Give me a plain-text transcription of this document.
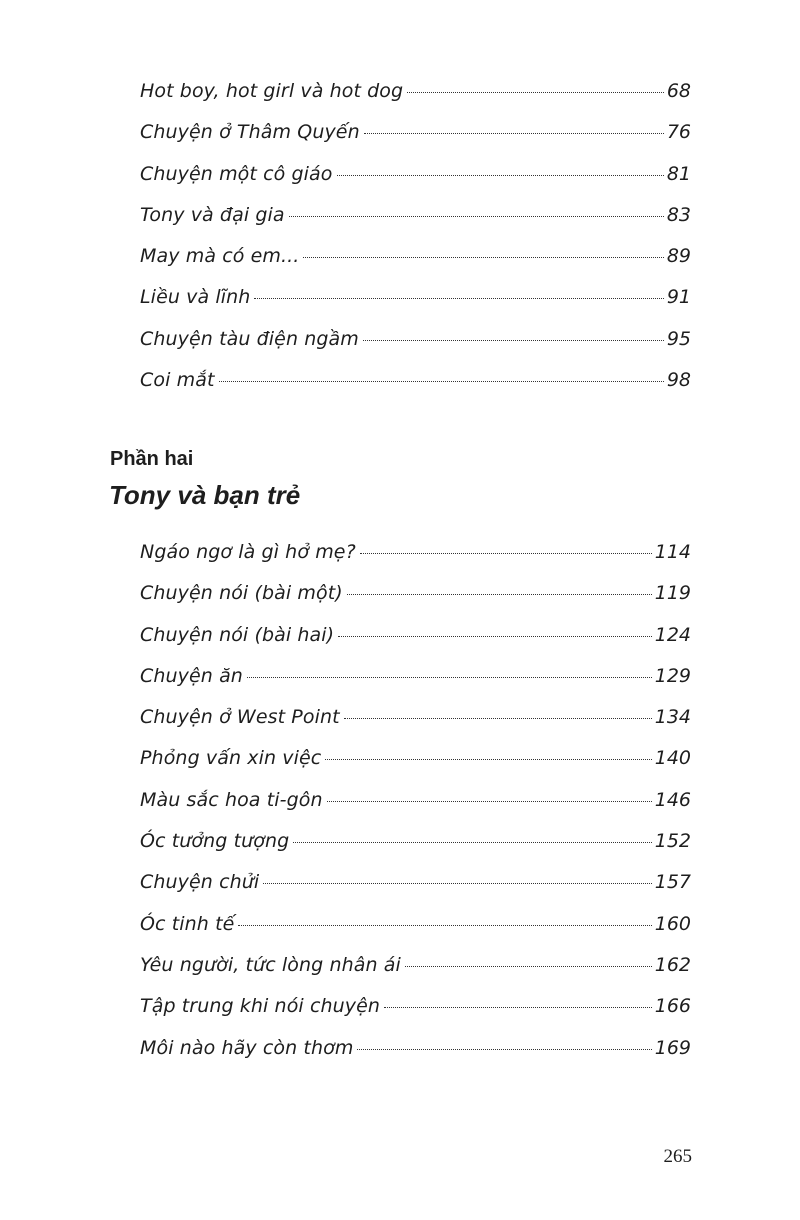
Hot boy, hot girl và hot dog	68
Chuyện ở Thâm Quyến	76
Chuyện một cô giáo	81
Tony và đại gia	83
May mà có em...	89
Liều và lĩnh	91
Chuyện tàu điện ngầm	95
Coi mắt	98
Phần hai
Tony và bạn trẻ
Ngáo ngơ là gì hở mẹ?	114
Chuyện nói (bài một)	119
Chuyện nói (bài hai)	124
Chuyện ăn	129
Chuyện ở West Point	134
Phỏng vấn xin việc	140
Màu sắc hoa ti-gôn	146
Óc tưởng tượng	152
Chuyện chửi	157
Óc tinh tế	160
Yêu người, tức lòng nhân ái	162
Tập trung khi nói chuyện	166
Môi nào hãy còn thơm	169
265
